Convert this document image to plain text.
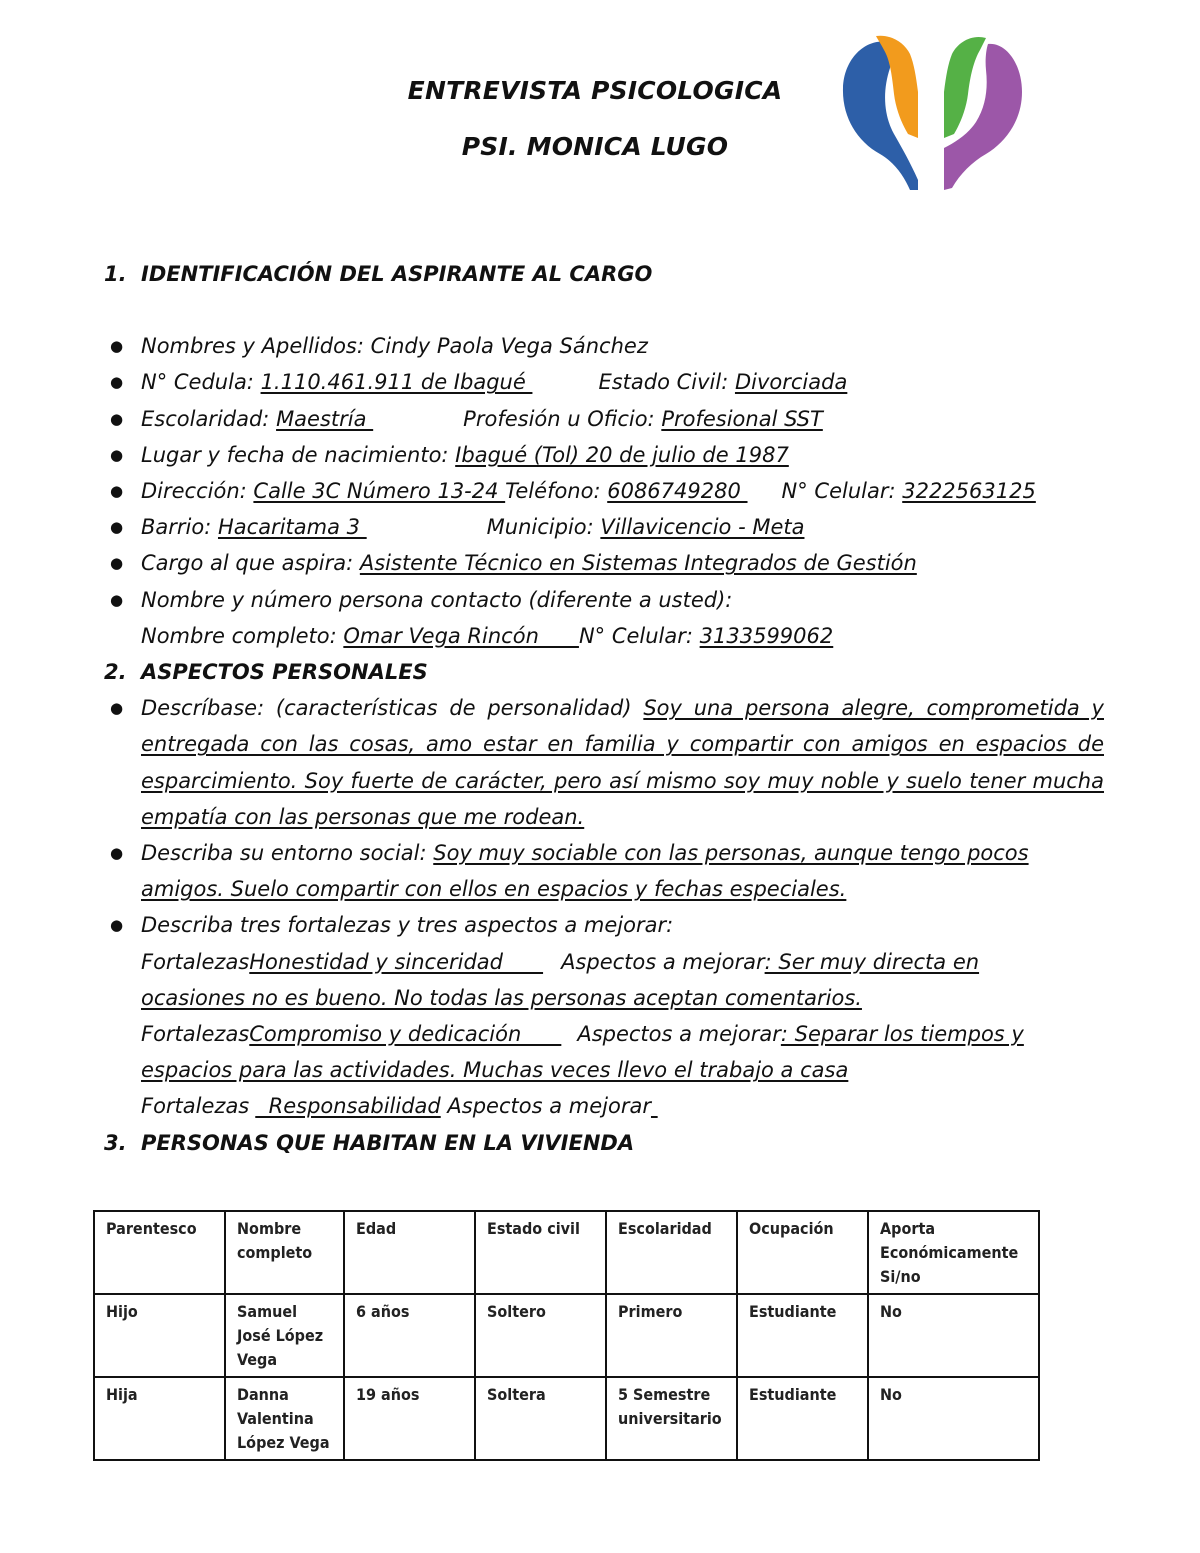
ENTREVISTA PSICOLOGICA
PSI. MONICA LUGO
1. IDENTIFICACIÓN DEL ASPIRANTE AL CARGO
● Nombres y Apellidos: Cindy Paola Vega Sánchez
● N° Cedula: 1.110.461.911 de Ibagué	Estado Civil: Divorciada
● Escolaridad: Maestría	Profesión u Oficio: Profesional SST
● Lugar y fecha de nacimiento: Ibagué (Tol) 20 de julio de 1987
● Dirección: Calle 3C Número 13-24 Teléfono: 6086749280 N° Celular: 3222563125
● Barrio: Hacaritama 3	Municipio: Villavicencio - Meta
● Cargo al que aspira: Asistente Técnico en Sistemas Integrados de Gestión
● Nombre y número persona contacto (diferente a usted):
Nombre completo: Omar Vega Rincón      N° Celular: 3133599062
2. ASPECTOS PERSONALES
● Descríbase: (características de personalidad) Soy una persona alegre, comprometida y entregada con las cosas, amo estar en familia y compartir con amigos en espacios de esparcimiento. Soy fuerte de carácter, pero así mismo soy muy noble y suelo tener mucha empatía con las personas que me rodean.
● Describa su entorno social: Soy muy sociable con las personas, aunque tengo pocos amigos. Suelo compartir con ellos en espacios y fechas especiales.
● Describa tres fortalezas y tres aspectos a mejorar:
FortalezasHonestidad y sinceridad      Aspectos a mejorar: Ser muy directa en ocasiones no es bueno. No todas las personas aceptan comentarios.
FortalezasCompromiso y dedicación      Aspectos a mejorar: Separar los tiempos y espacios para las actividades. Muchas veces llevo el trabajo a casa
Fortalezas  Responsabilidad Aspectos a mejorar
3. PERSONAS QUE HABITAN EN LA VIVIENDA
Parentesco	Nombre completo	Edad	Estado civil	Escolaridad	Ocupación	Aporta Económicamente Si/no
Hijo	Samuel José López Vega	6 años	Soltero	Primero	Estudiante	No
Hija	Danna Valentina López Vega	19 años	Soltera	5 Semestre universitario	Estudiante	No
